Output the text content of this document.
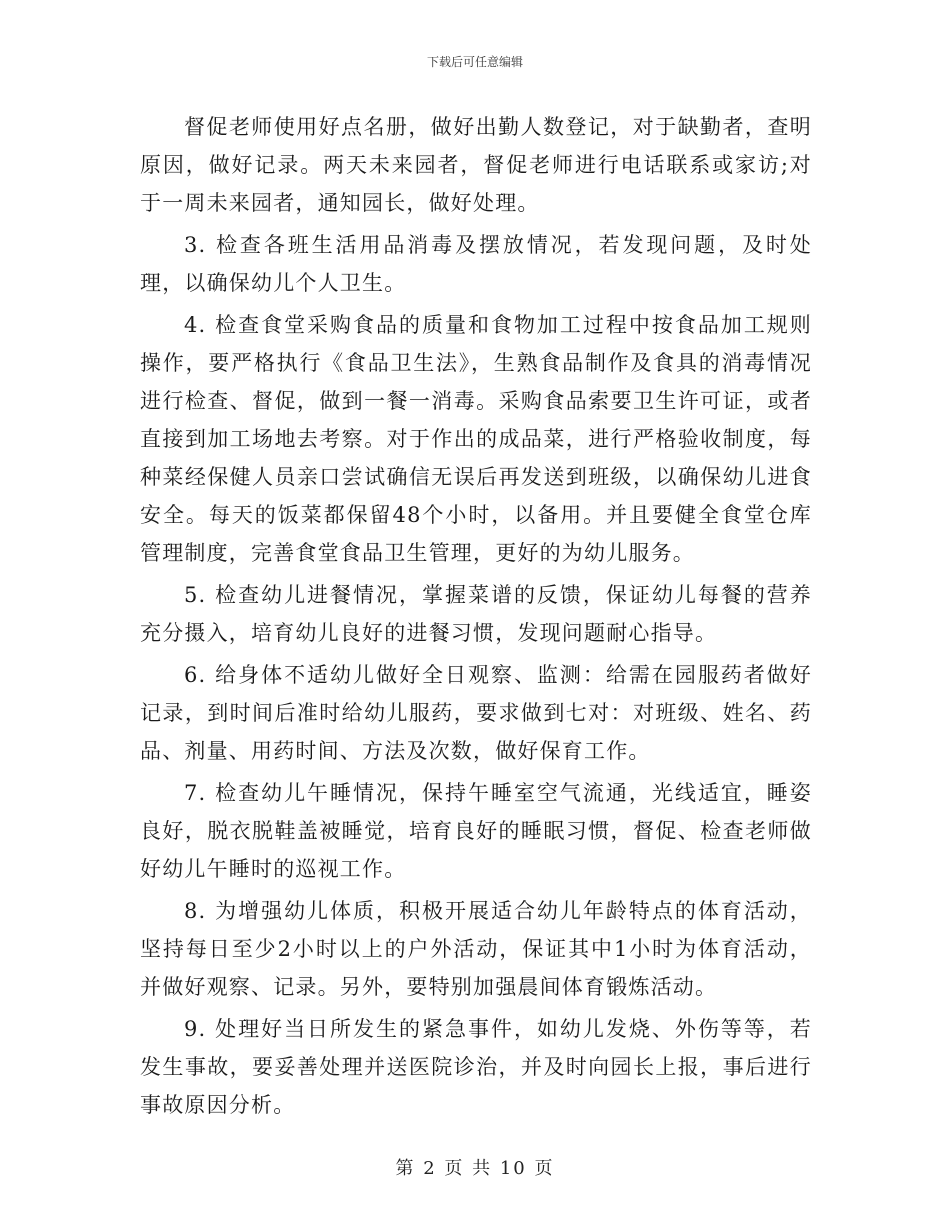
下载后可任意编辑

督促老师使用好点名册，做好出勤人数登记，对于缺勤者，查明原因，做好记录。两天未来园者，督促老师进行电话联系或家访;对于一周未来园者，通知园长，做好处理。

3. 检查各班生活用品消毒及摆放情况，若发现问题，及时处理，以确保幼儿个人卫生。

4. 检查食堂采购食品的质量和食物加工过程中按食品加工规则操作，要严格执行《食品卫生法》，生熟食品制作及食具的消毒情况进行检查、督促，做到一餐一消毒。采购食品索要卫生许可证，或者直接到加工场地去考察。对于作出的成品菜，进行严格验收制度，每种菜经保健人员亲口尝试确信无误后再发送到班级，以确保幼儿进食安全。每天的饭菜都保留48个小时，以备用。并且要健全食堂仓库管理制度，完善食堂食品卫生管理，更好的为幼儿服务。

5. 检查幼儿进餐情况，掌握菜谱的反馈，保证幼儿每餐的营养充分摄入，培育幼儿良好的进餐习惯，发现问题耐心指导。

6. 给身体不适幼儿做好全日观察、监测：给需在园服药者做好记录，到时间后准时给幼儿服药，要求做到七对：对班级、姓名、药品、剂量、用药时间、方法及次数，做好保育工作。

7. 检查幼儿午睡情况，保持午睡室空气流通，光线适宜，睡姿良好，脱衣脱鞋盖被睡觉，培育良好的睡眠习惯，督促、检查老师做好幼儿午睡时的巡视工作。

8. 为增强幼儿体质，积极开展适合幼儿年龄特点的体育活动，坚持每日至少2小时以上的户外活动，保证其中1小时为体育活动，并做好观察、记录。另外，要特别加强晨间体育锻炼活动。

9. 处理好当日所发生的紧急事件，如幼儿发烧、外伤等等，若发生事故，要妥善处理并送医院诊治，并及时向园长上报，事后进行事故原因分析。

第 2 页 共 10 页
